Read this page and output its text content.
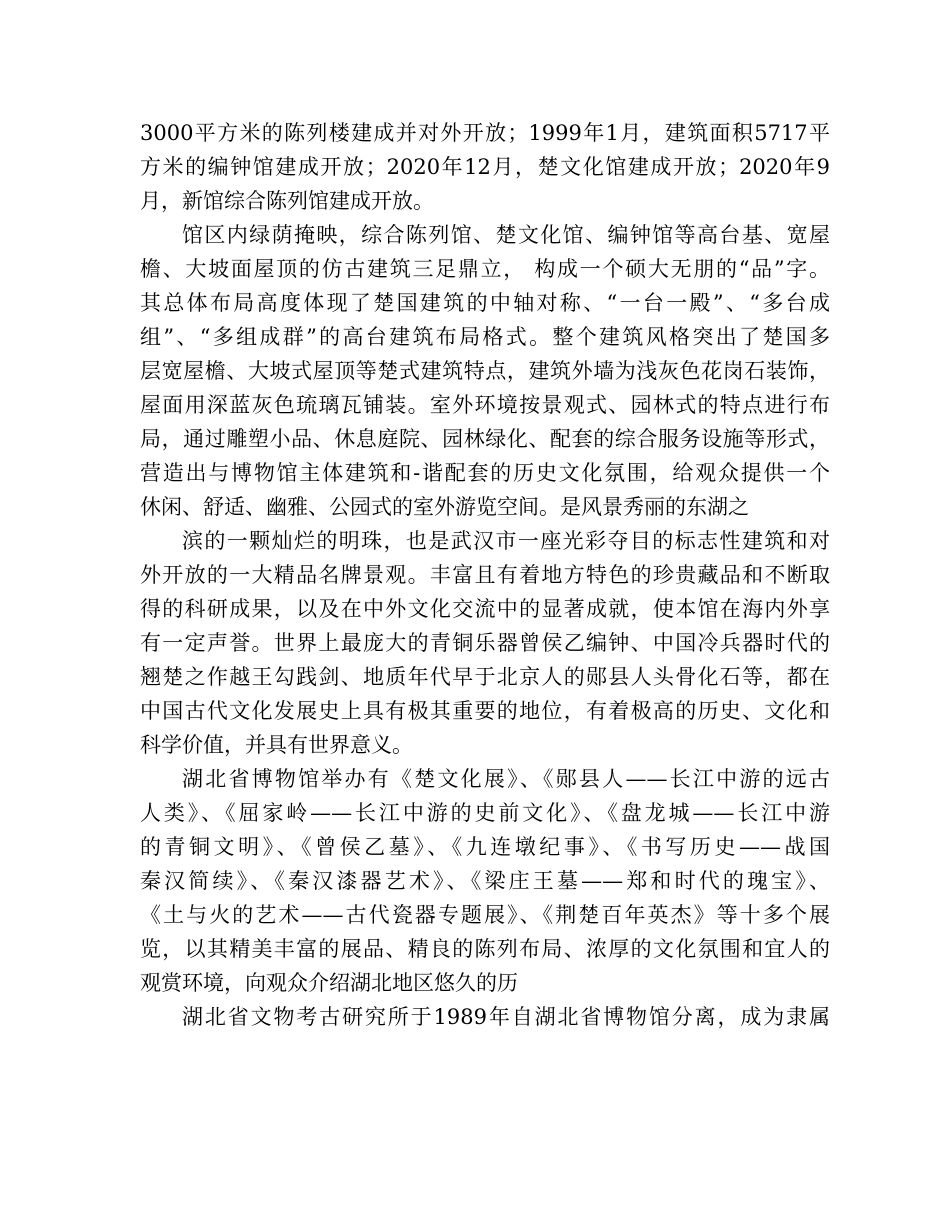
3000平方米的陈列楼建成并对外开放；1999年1月，建筑面积5717平
方米的编钟馆建成开放；2020年12月，楚文化馆建成开放；2020年9
月，新馆综合陈列馆建成开放。
馆区内绿荫掩映，综合陈列馆、楚文化馆、编钟馆等高台基、宽屋
檐、大坡面屋顶的仿古建筑三足鼎立， 构成一个硕大无朋的“品”字。
其总体布局高度体现了楚国建筑的中轴对称、“一台一殿”、“多台成
组”、“多组成群”的高台建筑布局格式。整个建筑风格突出了楚国多
层宽屋檐、大坡式屋顶等楚式建筑特点，建筑外墙为浅灰色花岗石装饰，
屋面用深蓝灰色琉璃瓦铺装。室外环境按景观式、园林式的特点进行布
局，通过雕塑小品、休息庭院、园林绿化、配套的综合服务设施等形式，
营造出与博物馆主体建筑和-谐配套的历史文化氛围，给观众提供一个
休闲、舒适、幽雅、公园式的室外游览空间。是风景秀丽的东湖之
滨的一颗灿烂的明珠，也是武汉市一座光彩夺目的标志性建筑和对
外开放的一大精品名牌景观。丰富且有着地方特色的珍贵藏品和不断取
得的科研成果，以及在中外文化交流中的显著成就，使本馆在海内外享
有一定声誉。世界上最庞大的青铜乐器曾侯乙编钟、中国冷兵器时代的
翘楚之作越王勾践剑、地质年代早于北京人的郧县人头骨化石等，都在
中国古代文化发展史上具有极其重要的地位，有着极高的历史、文化和
科学价值，并具有世界意义。
湖北省博物馆举办有《楚文化展》、《郧县人——长江中游的远古
人类》、《屈家岭——长江中游的史前文化》、《盘龙城——长江中游
的青铜文明》、《曾侯乙墓》、《九连墩纪事》、《书写历史——战国
秦汉简续》、《秦汉漆器艺术》、《梁庄王墓——郑和时代的瑰宝》、
《土与火的艺术——古代瓷器专题展》、《荆楚百年英杰》等十多个展
览，以其精美丰富的展品、精良的陈列布局、浓厚的文化氛围和宜人的
观赏环境，向观众介绍湖北地区悠久的历
湖北省文物考古研究所于1989年自湖北省博物馆分离，成为隶属
